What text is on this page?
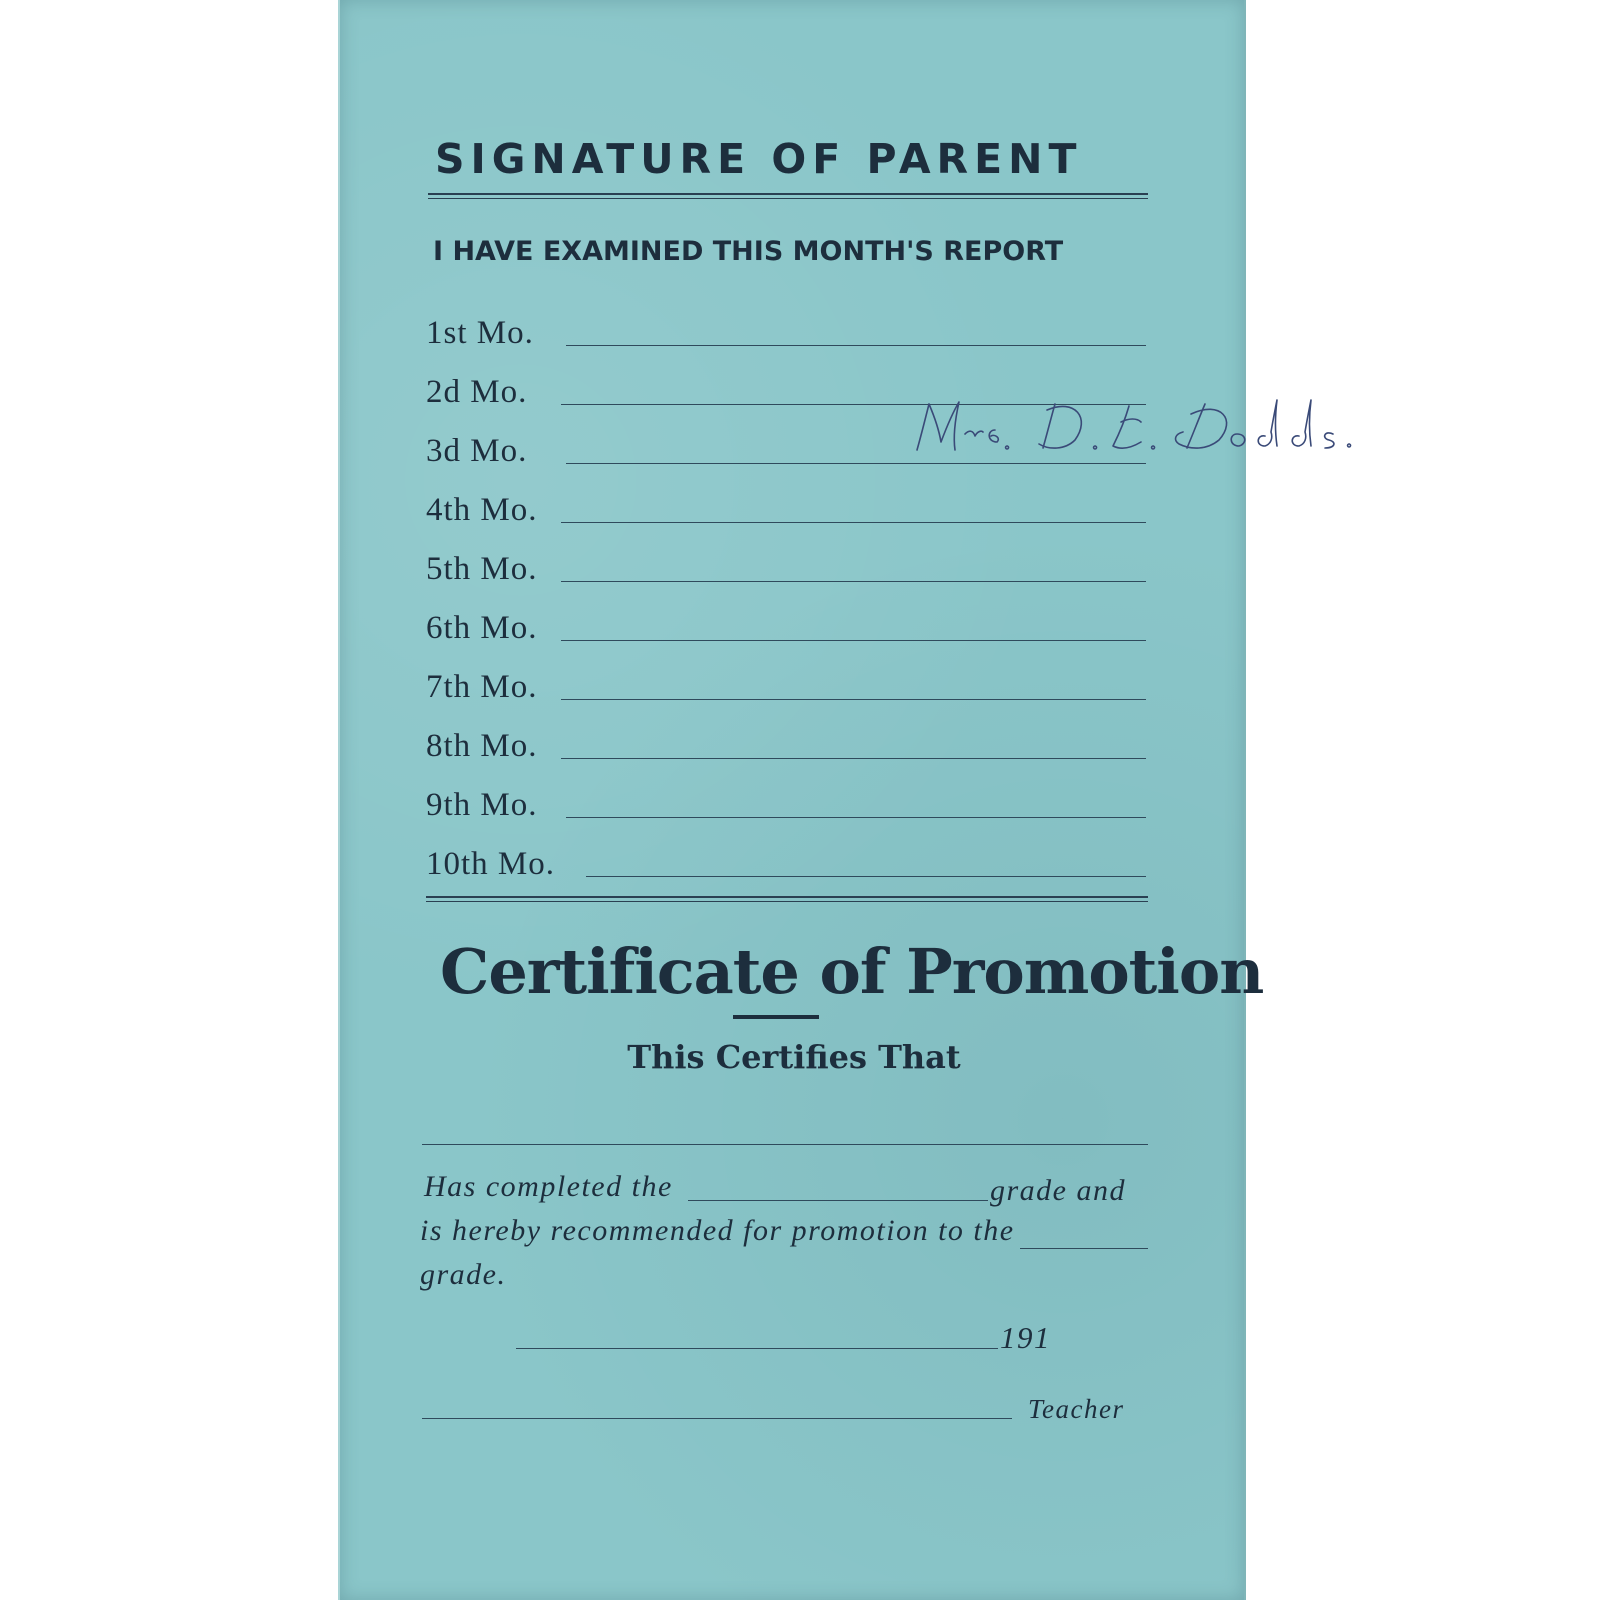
SIGNATURE OF PARENT
I HAVE EXAMINED THIS MONTH'S REPORT
1st Mo.
2d Mo.
3d Mo.
4th Mo.
5th Mo.
6th Mo.
7th Mo.
8th Mo.
9th Mo.
10th Mo.
Certificate of Promotion
This Certifies That
Has completed the	grade and
is hereby recommended for promotion to the
grade.
191
Teacher
